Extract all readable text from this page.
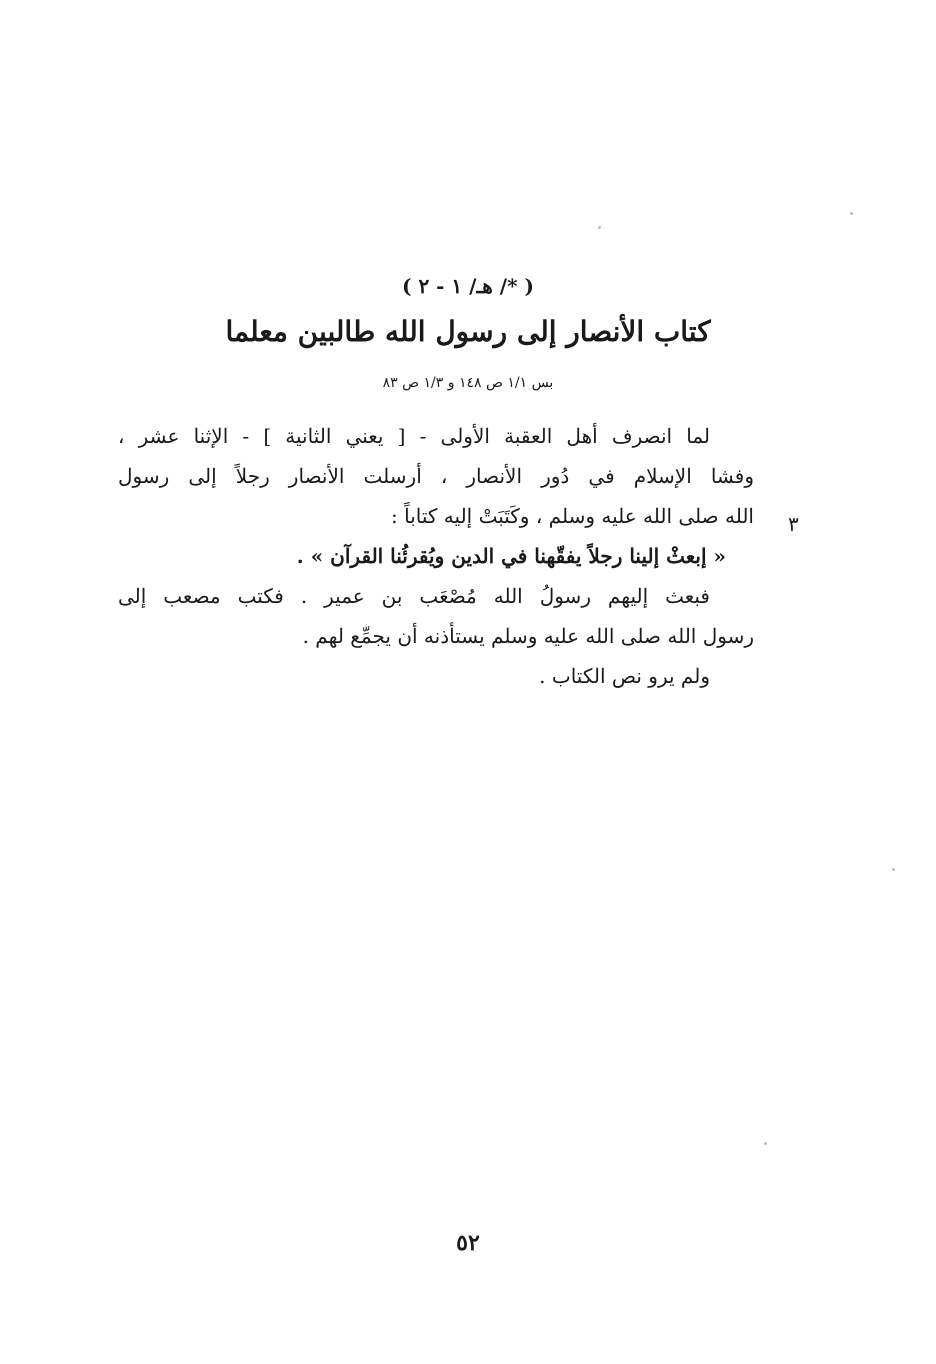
( */ هـ/ ١ - ٢ )
كتاب الأنصار إلى رسول الله طالبين معلما
بس ١/١ ص ١٤٨ و ١/٣ ص ٨٣
لما انصرف أهل العقبة الأولى - [ يعني الثانية ] - الإثنا عشر ،
وفشا الإسلام في دُور الأنصار ، أرسلت الأنصار رجلاً إلى رسول
الله صلى الله عليه وسلم ، وكَتَبَتْ إليه كتاباً :
« إبعثْ إلينا رجلاً يفقّهنا في الدين ويُقرئُنا القرآن » .
فبعث إليهم رسولُ الله مُصْعَب بن عمير . فكتب مصعب إلى
رسول الله صلى الله عليه وسلم يستأذنه أن يجمِّع لهم .
ولم يرو نص الكتاب .
٣
٥٢
